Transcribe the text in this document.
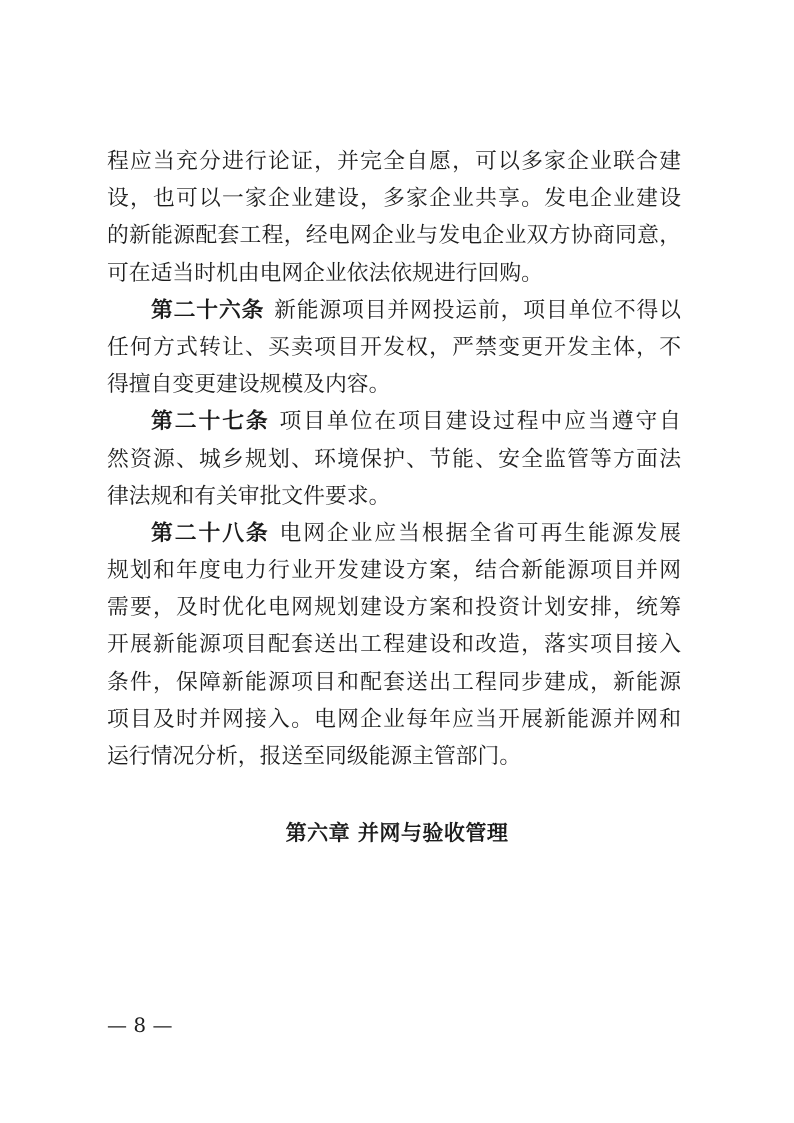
程应当充分进行论证，并完全自愿，可以多家企业联合建
设，也可以一家企业建设，多家企业共享。发电企业建设
的新能源配套工程，经电网企业与发电企业双方协商同意，
可在适当时机由电网企业依法依规进行回购。
第二十六条 新能源项目并网投运前，项目单位不得以
任何方式转让、买卖项目开发权，严禁变更开发主体，不
得擅自变更建设规模及内容。
第二十七条 项目单位在项目建设过程中应当遵守自
然资源、城乡规划、环境保护、节能、安全监管等方面法
律法规和有关审批文件要求。
第二十八条 电网企业应当根据全省可再生能源发展
规划和年度电力行业开发建设方案，结合新能源项目并网
需要，及时优化电网规划建设方案和投资计划安排，统筹
开展新能源项目配套送出工程建设和改造，落实项目接入
条件，保障新能源项目和配套送出工程同步建成，新能源
项目及时并网接入。电网企业每年应当开展新能源并网和
运行情况分析，报送至同级能源主管部门。
第六章 并网与验收管理
— 8 —
